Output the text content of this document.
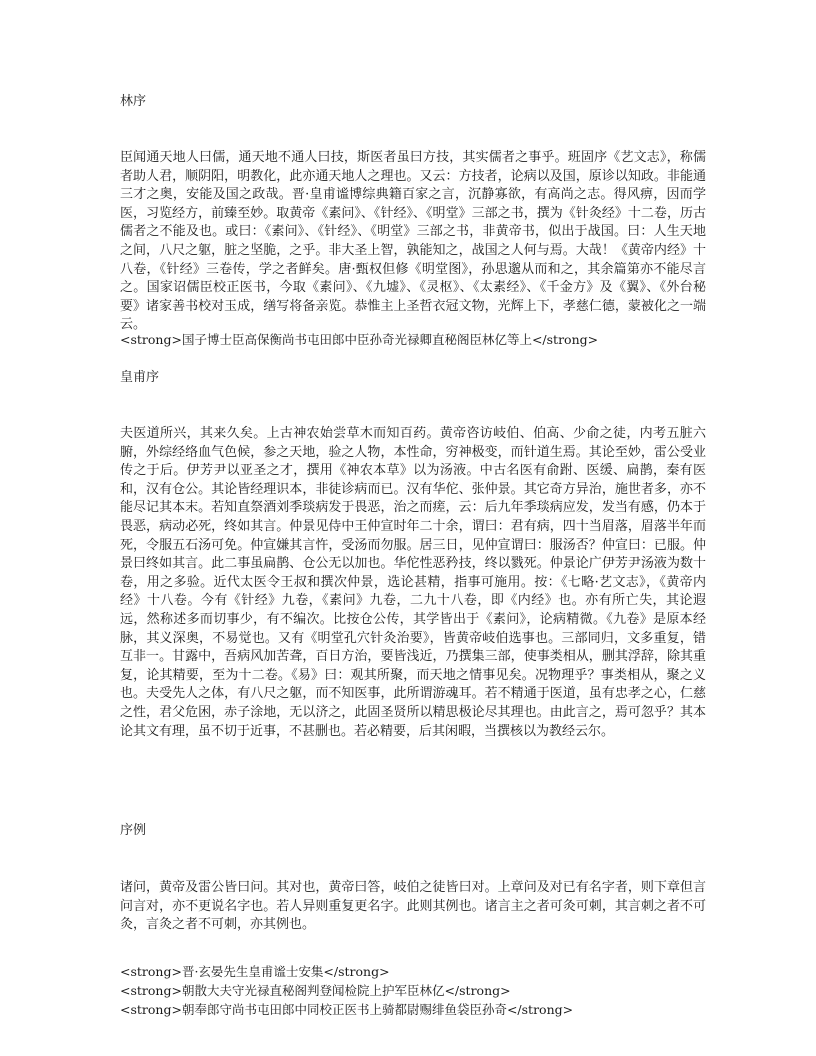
林序

臣闻通天地人曰儒，通天地不通人曰技，斯医者虽曰方技，其实儒者之事乎。班固序《艺文志》，称儒者助人君，顺阴阳，明教化，此亦通天地人之理也。又云：方技者，论病以及国，原诊以知政。非能通三才之奥，安能及国之政哉。晋·皇甫谧博综典籍百家之言，沉静寡欲，有高尚之志。得风痹，因而学医，习览经方，前臻至妙。取黄帝《素问》、《针经》、《明堂》三部之书，撰为《针灸经》十二卷，历古儒者之不能及也。或曰：《素问》、《针经》、《明堂》三部之书，非黄帝书，似出于战国。曰：人生天地之间，八尺之躯，脏之坚脆，之乎。非大圣上智，孰能知之，战国之人何与焉。大哉！《黄帝内经》十八卷，《针经》三卷传，学之者鲜矣。唐·甄权但修《明堂图》，孙思邈从而和之，其余篇第亦不能尽言之。国家诏儒臣校正医书，今取《素问》、《九墟》、《灵枢》、《太素经》、《千金方》及《翼》、《外台秘要》诸家善书校对玉成，缮写将备亲览。恭惟主上圣哲衣冠文物，光辉上下，孝慈仁德，蒙被化之一端云。

<strong>国子博士臣高保衡尚书屯田郎中臣孙奇光禄卿直秘阁臣林亿等上</strong>
皇甫序

夫医道所兴，其来久矣。上古神农始尝草木而知百药。黄帝咨访岐伯、伯高、少俞之徒，内考五脏六腑，外综经络血气色候，参之天地，验之人物，本性命，穷神极变，而针道生焉。其论至妙，雷公受业传之于后。伊芳尹以亚圣之才，撰用《神农本草》以为汤液。中古名医有俞跗、医缓、扁鹊，秦有医和，汉有仓公。其论皆经理识本，非徒诊病而已。汉有华佗、张仲景。其它奇方异治，施世者多，亦不能尽记其本末。若知直祭酒刘季琰病发于畏恶，治之而瘥，云：后九年季琰病应发，发当有感，仍本于畏恶，病动必死，终如其言。仲景见侍中王仲宣时年二十余，谓曰：君有病，四十当眉落，眉落半年而死，令服五石汤可免。仲宣嫌其言忤，受汤而勿服。居三日，见仲宣谓曰：服汤否？仲宣曰：已服。仲景曰终如其言。此二事虽扁鹊、仓公无以加也。华佗性恶矜技，终以戮死。仲景论广伊芳尹汤液为数十卷，用之多验。近代太医令王叔和撰次仲景，选论甚精，指事可施用。按：《七略·艺文志》，《黄帝内经》十八卷。今有《针经》九卷，《素问》九卷，二九十八卷，即《内经》也。亦有所亡失，其论遐远，然称述多而切事少，有不编次。比按仓公传，其学皆出于《素问》，论病精微。《九卷》是原本经脉，其义深奥，不易觉也。又有《明堂孔穴针灸治要》，皆黄帝岐伯选事也。三部同归，文多重复，错互非一。甘露中，吾病风加苦聋，百日方治，要皆浅近，乃撰集三部，使事类相从，删其浮辞，除其重复，论其精要，至为十二卷。《易》曰：观其所聚，而天地之情事见矣。况物理乎？事类相从，聚之义也。夫受先人之体，有八尺之躯，而不知医事，此所谓游魂耳。若不精通于医道，虽有忠孝之心，仁慈之性，君父危困，赤子涂地，无以济之，此固圣贤所以精思极论尽其理也。由此言之，焉可忽乎？其本论其文有理，虽不切于近事，不甚删也。若必精要，后其闲暇，当撰核以为教经云尔。

序例

诸问，黄帝及雷公皆曰问。其对也，黄帝曰答，岐伯之徒皆曰对。上章问及对已有名字者，则下章但言问言对，亦不更说名字也。若人异则重复更名字。此则其例也。诸言主之者可灸可刺，其言刺之者不可灸，言灸之者不可刺，亦其例也。

<strong>晋·玄晏先生皇甫谧士安集</strong>
<strong>朝散大夫守光禄直秘阁判登闻检院上护军臣林亿</strong>
<strong>朝奉郎守尚书屯田郎中同校正医书上骑都尉赐绯鱼袋臣孙奇</strong>
